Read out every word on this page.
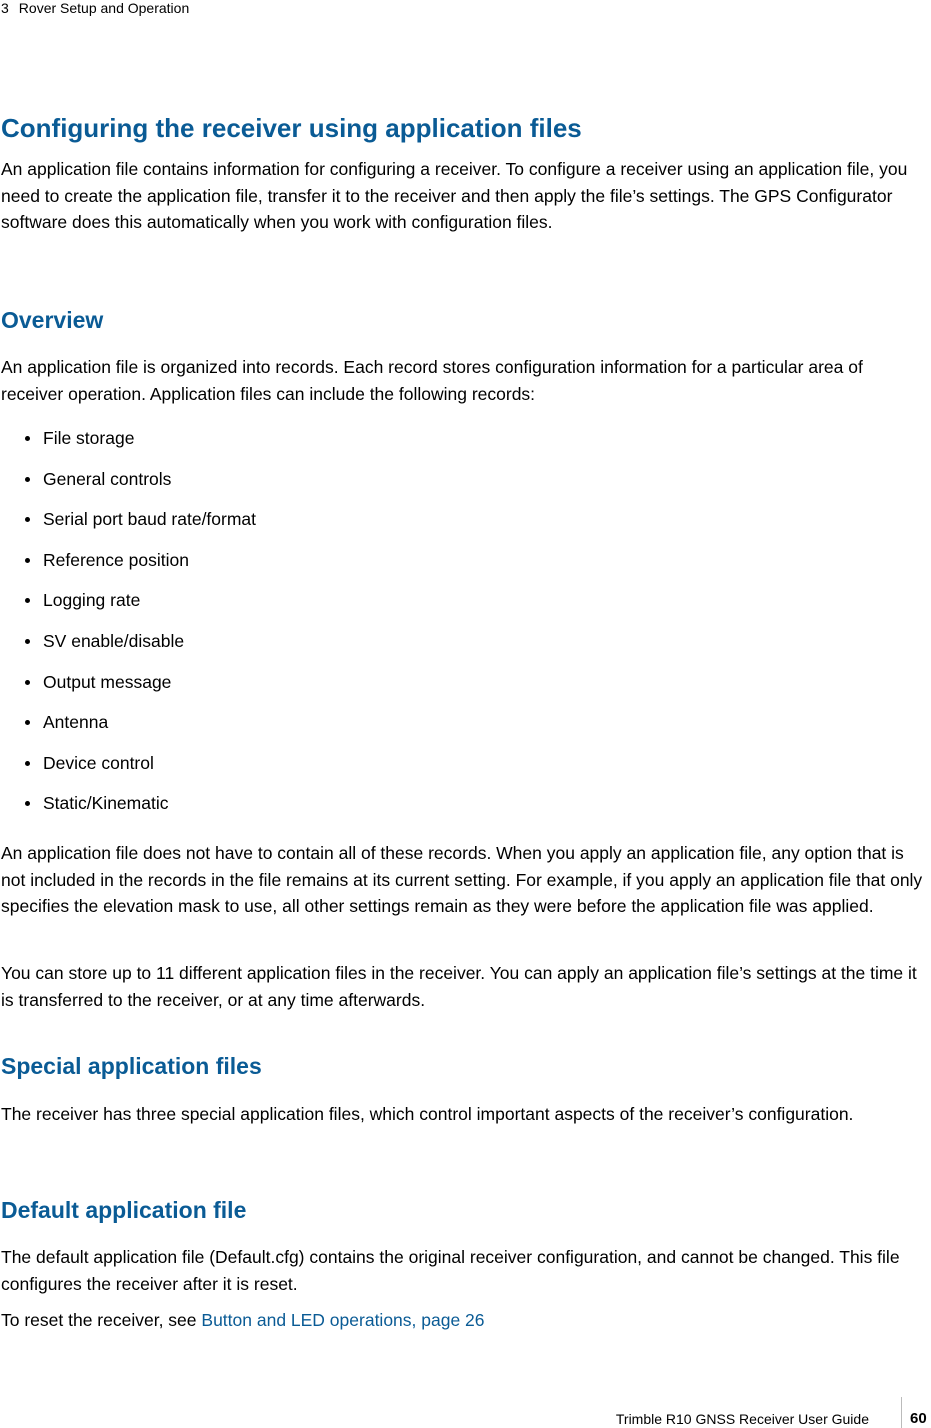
3 Rover Setup and Operation
Configuring the receiver using application files

An application file contains information for configuring a receiver. To configure a receiver using an application file, you need to create the application file, transfer it to the receiver and then apply the file’s settings. The GPS Configurator software does this automatically when you work with configuration files.

Overview

An application file is organized into records. Each record stores configuration information for a particular area of receiver operation. Application files can include the following records:

File storage
General controls
Serial port baud rate/format
Reference position
Logging rate
SV enable/disable
Output message
Antenna
Device control
Static/Kinematic

An application file does not have to contain all of these records. When you apply an application file, any option that is not included in the records in the file remains at its current setting. For example, if you apply an application file that only specifies the elevation mask to use, all other settings remain as they were before the application file was applied.

You can store up to 11 different application files in the receiver. You can apply an application file’s settings at the time it is transferred to the receiver, or at any time afterwards.

Special application files

The receiver has three special application files, which control important aspects of the receiver’s configuration.

Default application file

The default application file (Default.cfg) contains the original receiver configuration, and cannot be changed. This file configures the receiver after it is reset.

To reset the receiver, see Button and LED operations, page 26

Trimble R10 GNSS Receiver User Guide	60
